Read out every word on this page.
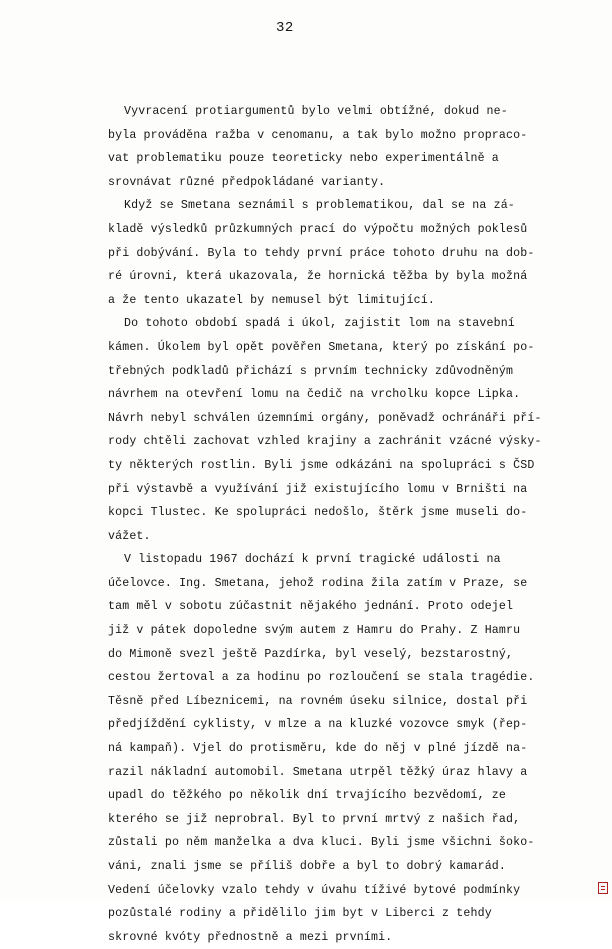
32
Vyvracení protiargumentů bylo velmi obtížné, dokud ne-
byla prováděna ražba v cenomanu, a tak bylo možno propraco-
vat problematiku pouze teoreticky nebo experimentálně a
srovnávat různé předpokládané varianty.
Když se Smetana seznámil s problematikou, dal se na zá-
kladě výsledků průzkumných prací do výpočtu možných poklesů
při dobývání. Byla to tehdy první práce tohoto druhu na dob-
ré úrovni, která ukazovala, že hornická těžba by byla možná
a že tento ukazatel by nemusel být limitující.
Do tohoto období spadá i úkol, zajistit lom na stavební
kámen. Úkolem byl opět pověřen Smetana, který po získání po-
třebných podkladů přichází s prvním technicky zdůvodněným
návrhem na otevření lomu na čedič na vrcholku kopce Lipka.
Návrh nebyl schválen územními orgány, poněvadž ochránáři pří-
rody chtěli zachovat vzhled krajiny a zachránit vzácné výsky-
ty některých rostlin. Byli jsme odkázáni na spolupráci s ČSD
při výstavbě a využívání již existujícího lomu v Brništi na
kopci Tlustec. Ke spolupráci nedošlo, štěrk jsme museli do-
vážet.
V listopadu 1967 dochází k první tragické události na
účelovce. Ing. Smetana, jehož rodina žila zatím v Praze, se
tam měl v sobotu zúčastnit nějakého jednání. Proto odejel
již v pátek dopoledne svým autem z Hamru do Prahy. Z Hamru
do Mimoně svezl ještě Pazdírka, byl veselý, bezstarostný,
cestou žertoval a za hodinu po rozloučení se stala tragédie.
Těsně před Líbeznicemi, na rovném úseku silnice, dostal při
předjíždění cyklisty, v mlze a na kluzké vozovce smyk (řep-
ná kampaň). Vjel do protisměru, kde do něj v plné jízdě na-
razil nákladní automobil. Smetana utrpěl těžký úraz hlavy a
upadl do těžkého po několik dní trvajícího bezvědomí, ze
kterého se již neprobral. Byl to první mrtvý z našich řad,
zůstali po něm manželka a dva kluci. Byli jsme všichni šoko-
váni, znali jsme se příliš dobře a byl to dobrý kamarád.
Vedení účelovky vzalo tehdy v úvahu tíživé bytové podmínky
pozůstalé rodiny a přidělilo jim byt v Liberci z tehdy
skrovné kvóty přednostně a mezi prvními.
